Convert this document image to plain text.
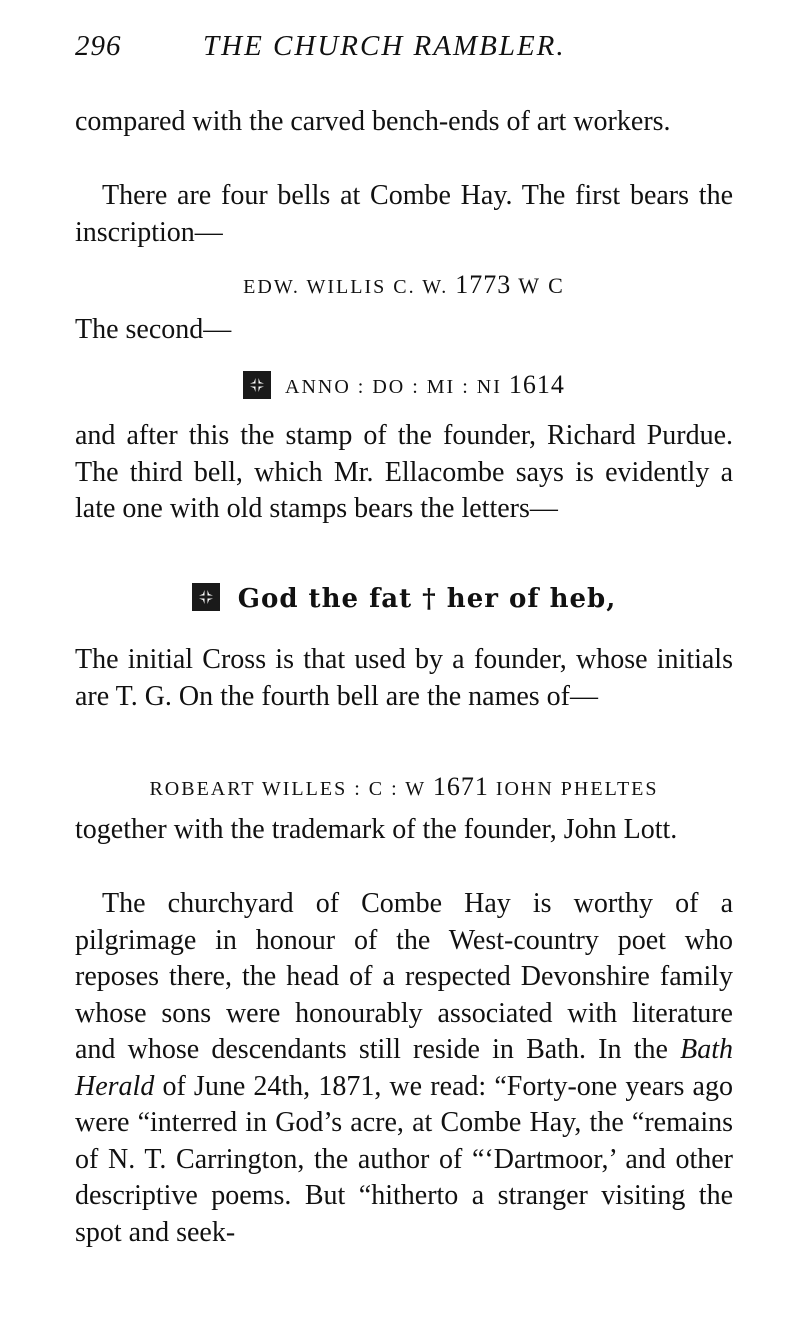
296	THE CHURCH RAMBLER.

compared with the carved bench-ends of art workers.

There are four bells at Combe Hay. The first bears the inscription—

EDW. WILLIS C. W. 1773 W C

The second—

ANNO : DO : MI : NI 1614

and after this the stamp of the founder, Richard Purdue. The third bell, which Mr. Ellacombe says is evidently a late one with old stamps bears the letters—

God the fat † her of heb,

The initial Cross is that used by a founder, whose initials are T. G. On the fourth bell are the names of—

ROBEART WILLES : C : W 1671 IOHN PHELTES

together with the trademark of the founder, John Lott.

The churchyard of Combe Hay is worthy of a pilgrimage in honour of the West-country poet who reposes there, the head of a respected Devonshire family whose sons were honourably associated with literature and whose descendants still reside in Bath. In the Bath Herald of June 24th, 1871, we read: “Forty-one years ago were “interred in God’s acre, at Combe Hay, the “remains of N. T. Carrington, the author of “‘Dartmoor,’ and other descriptive poems. But “hitherto a stranger visiting the spot and seek-
